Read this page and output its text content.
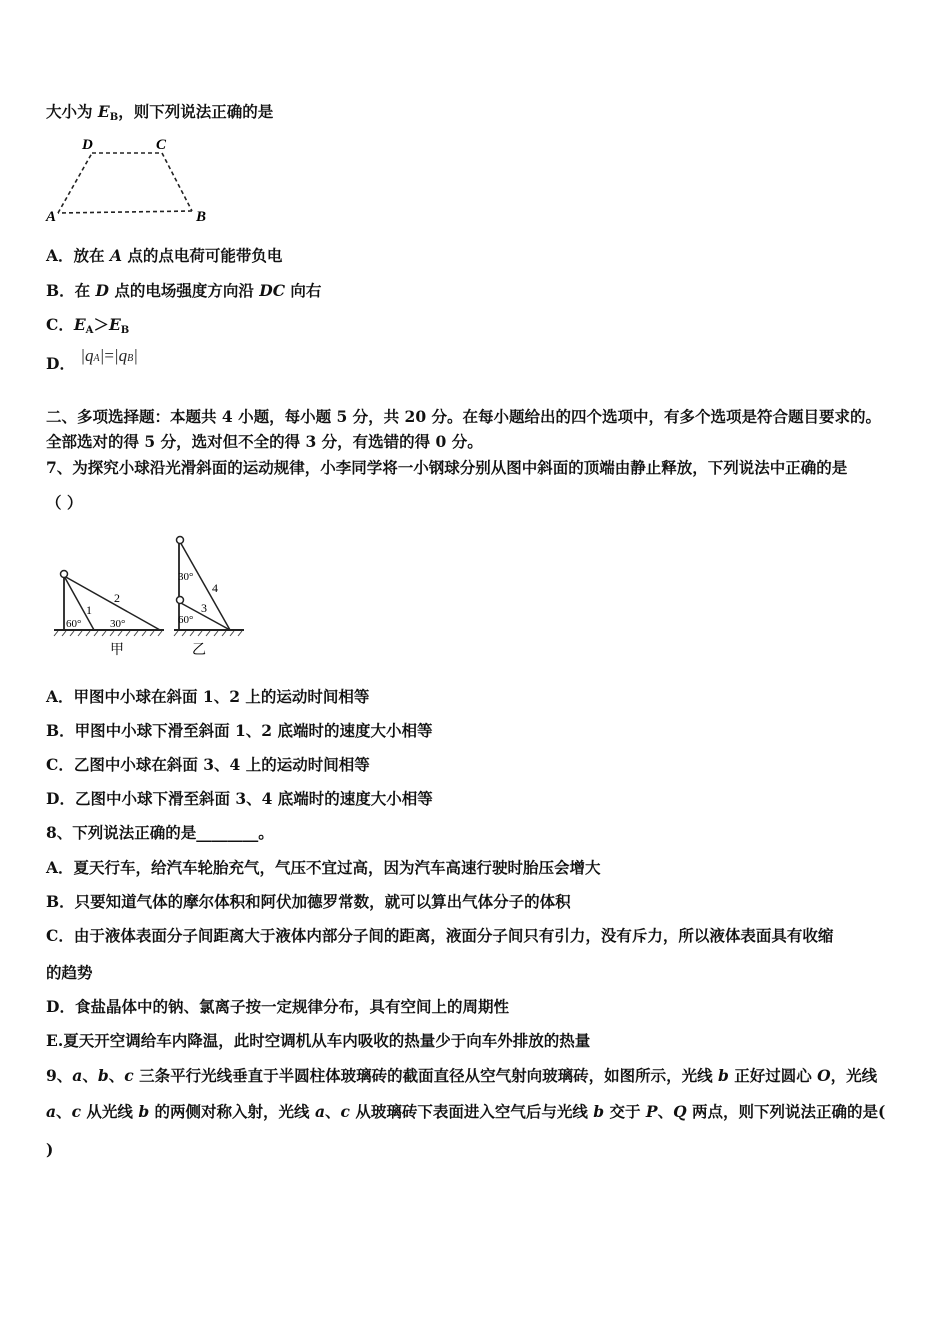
大小为 $E_B$，则下列说法正确的是
D	C
A	B
A．放在 A 点的点电荷可能带负电
B．在 D 点的电场强度方向沿 DC 向右
C．$E_A>E_B$
D． |qA|=|qB|
二、多项选择题：本题共 4 小题，每小题 5 分，共 20 分。在每小题给出的四个选项中，有多个选项是符合题目要求的。
全部选对的得 5 分，选对但不全的得 3 分，有选错的得 0 分。
7、为探究小球沿光滑斜面的运动规律，小李同学将一小钢球分别从图中斜面的顶端由静止释放，下列说法中正确的是
（ ）
1
2
60°	30°
甲
30°
60°
4
3
乙
A．甲图中小球在斜面 1、2 上的运动时间相等
B．甲图中小球下滑至斜面 1、2 底端时的速度大小相等
C．乙图中小球在斜面 3、4 上的运动时间相等
D．乙图中小球下滑至斜面 3、4 底端时的速度大小相等
8、下列说法正确的是________。
A．夏天行车，给汽车轮胎充气，气压不宜过高，因为汽车高速行驶时胎压会增大
B．只要知道气体的摩尔体积和阿伏加德罗常数，就可以算出气体分子的体积
C．由于液体表面分子间距离大于液体内部分子间的距离，液面分子间只有引力，没有斥力，所以液体表面具有收缩
的趋势
D．食盐晶体中的钠、氯离子按一定规律分布，具有空间上的周期性
E.夏天开空调给车内降温，此时空调机从车内吸收的热量少于向车外排放的热量
9、a、b、c 三条平行光线垂直于半圆柱体玻璃砖的截面直径从空气射向玻璃砖，如图所示，光线 b 正好过圆心 O，光线
a、c 从光线 b 的两侧对称入射，光线 a、c 从玻璃砖下表面进入空气后与光线 b 交于 P、Q 两点，则下列说法正确的是(
)
